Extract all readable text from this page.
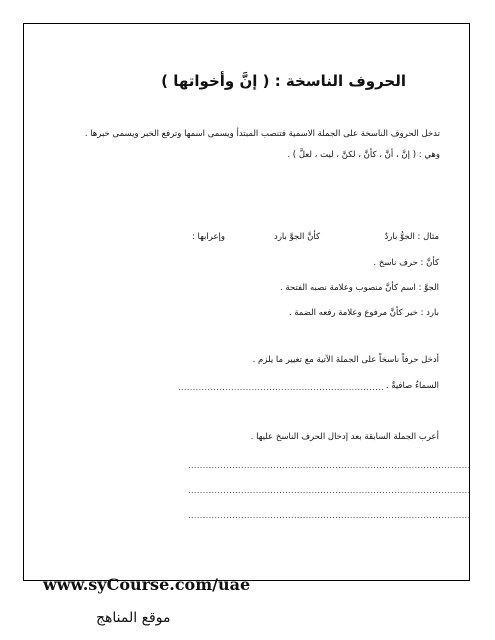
الحروف الناسخة : ( إنَّ وأخواتها )
تدخل الحروف الناسخة على الجملة الاسمية فتنصب المبتدأ ويسمى اسمها وترفع الخبر ويسمى خبرها .
وهي : ( إنَّ ، أنَّ ، كأنَّ ، لكنَّ ، ليت ، لعلَّ ) .
مثال : الجوُّ باردٌ
كأنَّ الجوَّ بارد
وإعرابها :
كأنَّ : حرف ناسخ .
الجوَّ : اسم كأنَّ منصوب وعلامة نصبه الفتحة .
بارد : خبر كأنَّ مرفوع وعلامة رفعه الضمة .
أدخل حرفاً ناسخاً على الجملة الآتية مع تغيير ما يلزم .
السماءُ صافيةٌ .
......................................................................
أعرب الجملة السابقة بعد إدخال الحرف الناسخ عليها .
................................................................................................
................................................................................................
................................................................................................
www.syCourse.com/uae
موقع المناهج
